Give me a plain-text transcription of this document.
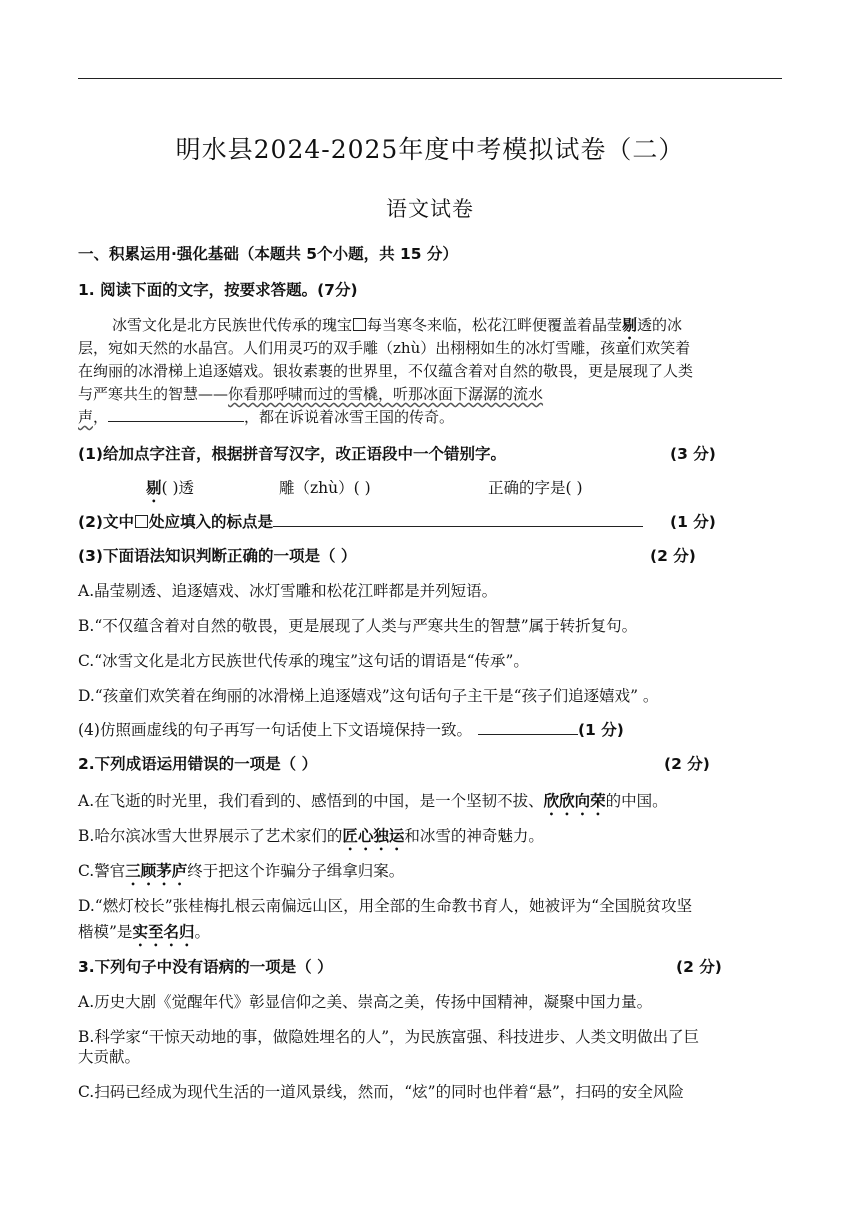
明水县2024-2025年度中考模拟试卷（二）
语文试卷
一、积累运用·强化基础（本题共 5个小题，共 15 分）
1. 阅读下面的文字，按要求答题。(7分)
冰雪文化是北方民族世代传承的瑰宝 每当寒冬来临，松花江畔便覆盖着晶莹剔透的冰
层，宛如天然的水晶宫。人们用灵巧的双手雕（zhù）出栩栩如生的冰灯雪雕，孩童们欢笑着
在绚丽的冰滑梯上追逐嬉戏。银妆素裹的世界里，不仅蕴含着对自然的敬畏，更是展现了人类
与严寒共生的智慧——你看那呼啸而过的雪橇，听那冰面下潺潺的流水
声，	，都在诉说着冰雪王国的传奇。
(1)给加点字注音，根据拼音写汉字，改正语段中一个错别字。	(3 分)
剔( )透	雕（zhù）( )	正确的字是( )
(2)文中 处应填入的标点是	(1 分)
(3)下面语法知识判断正确的一项是（ ）	(2 分)
A.晶莹剔透、追逐嬉戏、冰灯雪雕和松花江畔都是并列短语。
B.“不仅蕴含着对自然的敬畏，更是展现了人类与严寒共生的智慧”属于转折复句。
C.“冰雪文化是北方民族世代传承的瑰宝”这句话的谓语是“传承”。
D.“孩童们欢笑着在绚丽的冰滑梯上追逐嬉戏”这句话句子主干是“孩子们追逐嬉戏” 。
(4)仿照画虚线的句子再写一句话使上下文语境保持一致。	(1 分)
2.下列成语运用错误的一项是（ ）	(2 分)
A.在飞逝的时光里，我们看到的、感悟到的中国，是一个坚韧不拔、欣欣向荣的中国。
B.哈尔滨冰雪大世界展示了艺术家们的匠心独运和冰雪的神奇魅力。
C.警官三顾茅庐终于把这个诈骗分子缉拿归案。
D.“燃灯校长”张桂梅扎根云南偏远山区，用全部的生命教书育人，她被评为“全国脱贫攻坚
楷模”是实至名归。
3.下列句子中没有语病的一项是（ ）	(2 分)
A.历史大剧《觉醒年代》彰显信仰之美、崇高之美，传扬中国精神，凝聚中国力量。
B.科学家“干惊天动地的事，做隐姓埋名的人”，为民族富强、科技进步、人类文明做出了巨
大贡献。
C.扫码已经成为现代生活的一道风景线，然而，“炫”的同时也伴着“悬”，扫码的安全风险
